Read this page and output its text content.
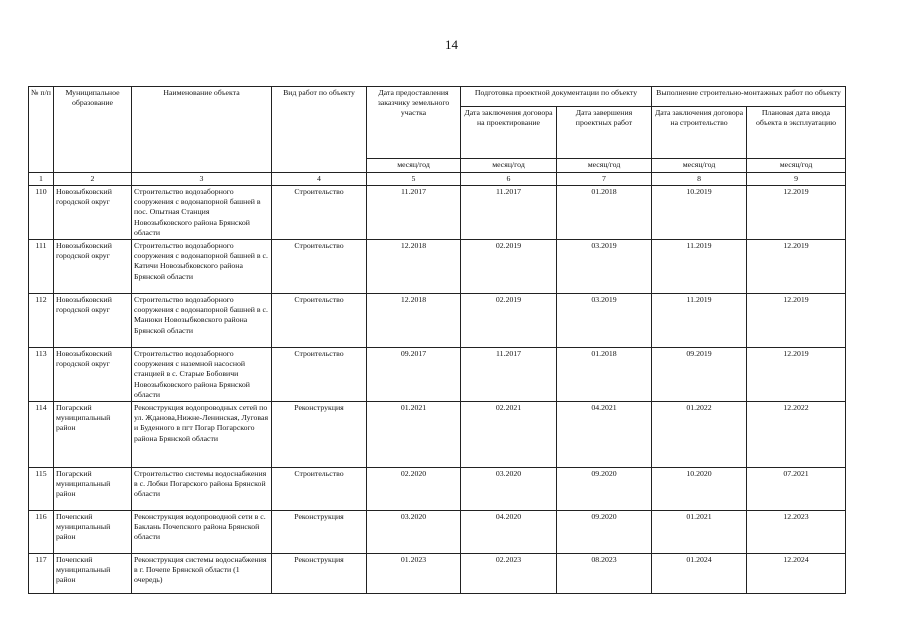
14
№ п/п	Муниципальное образование	Наименование объекта	Вид работ по объекту	Дата предоставления заказчику земельного участка	Подготовка проектной документации по объекту		Выполнение строительно-монтажных работ по объекту	
					Дата заключения договора на проектирование	Дата завершения проектных работ	Дата заключения договора на строительство	Плановая дата ввода объекта в эксплуатацию
				месяц/год	месяц/год	месяц/год	месяц/год	месяц/год
1	2	3	4	5	6	7	8	9
110	Новозыбковский городской округ	Строительство водозаборного сооружения с водонапорной башней в пос. Опытная Станция Новозыбковского района Брянской области	Строительство	11.2017	11.2017	01.2018	10.2019	12.2019
111	Новозыбковский городской округ	Строительство водозаборного сооружения с водонапорной башней в с. Катичи Новозыбковского района Брянской области	Строительство	12.2018	02.2019	03.2019	11.2019	12.2019
112	Новозыбковский городской округ	Строительство водозаборного сооружения с водонапорной башней в с. Манюки Новозыбковского района Брянской области	Строительство	12.2018	02.2019	03.2019	11.2019	12.2019
113	Новозыбковский городской округ	Строительство водозаборного сооружения с наземной насосной станцией в с. Старые Бобовичи Новозыбковского района Брянской области	Строительство	09.2017	11.2017	01.2018	09.2019	12.2019
114	Погарский муниципальный район	Реконструкция водопроводных сетей по ул. Жданова,Нижне-Ленинская, Луговая и Буденного в пгт Погар Погарского района Брянской области	Реконструкция	01.2021	02.2021	04.2021	01.2022	12.2022
115	Погарский муниципальный район	Строительство системы водоснабжения в с. Лобки Погарского района Брянской области	Строительство	02.2020	03.2020	09.2020	10.2020	07.2021
116	Почепский муниципальный район	Реконструкция водопроводной сети в с. Баклань Почепского района Брянской области	Реконструкция	03.2020	04.2020	09.2020	01.2021	12.2023
117	Почепский муниципальный район	Реконструкция системы водоснабжения в г. Почепе Брянской области (1 очередь)	Реконструкция	01.2023	02.2023	08.2023	01.2024	12.2024
